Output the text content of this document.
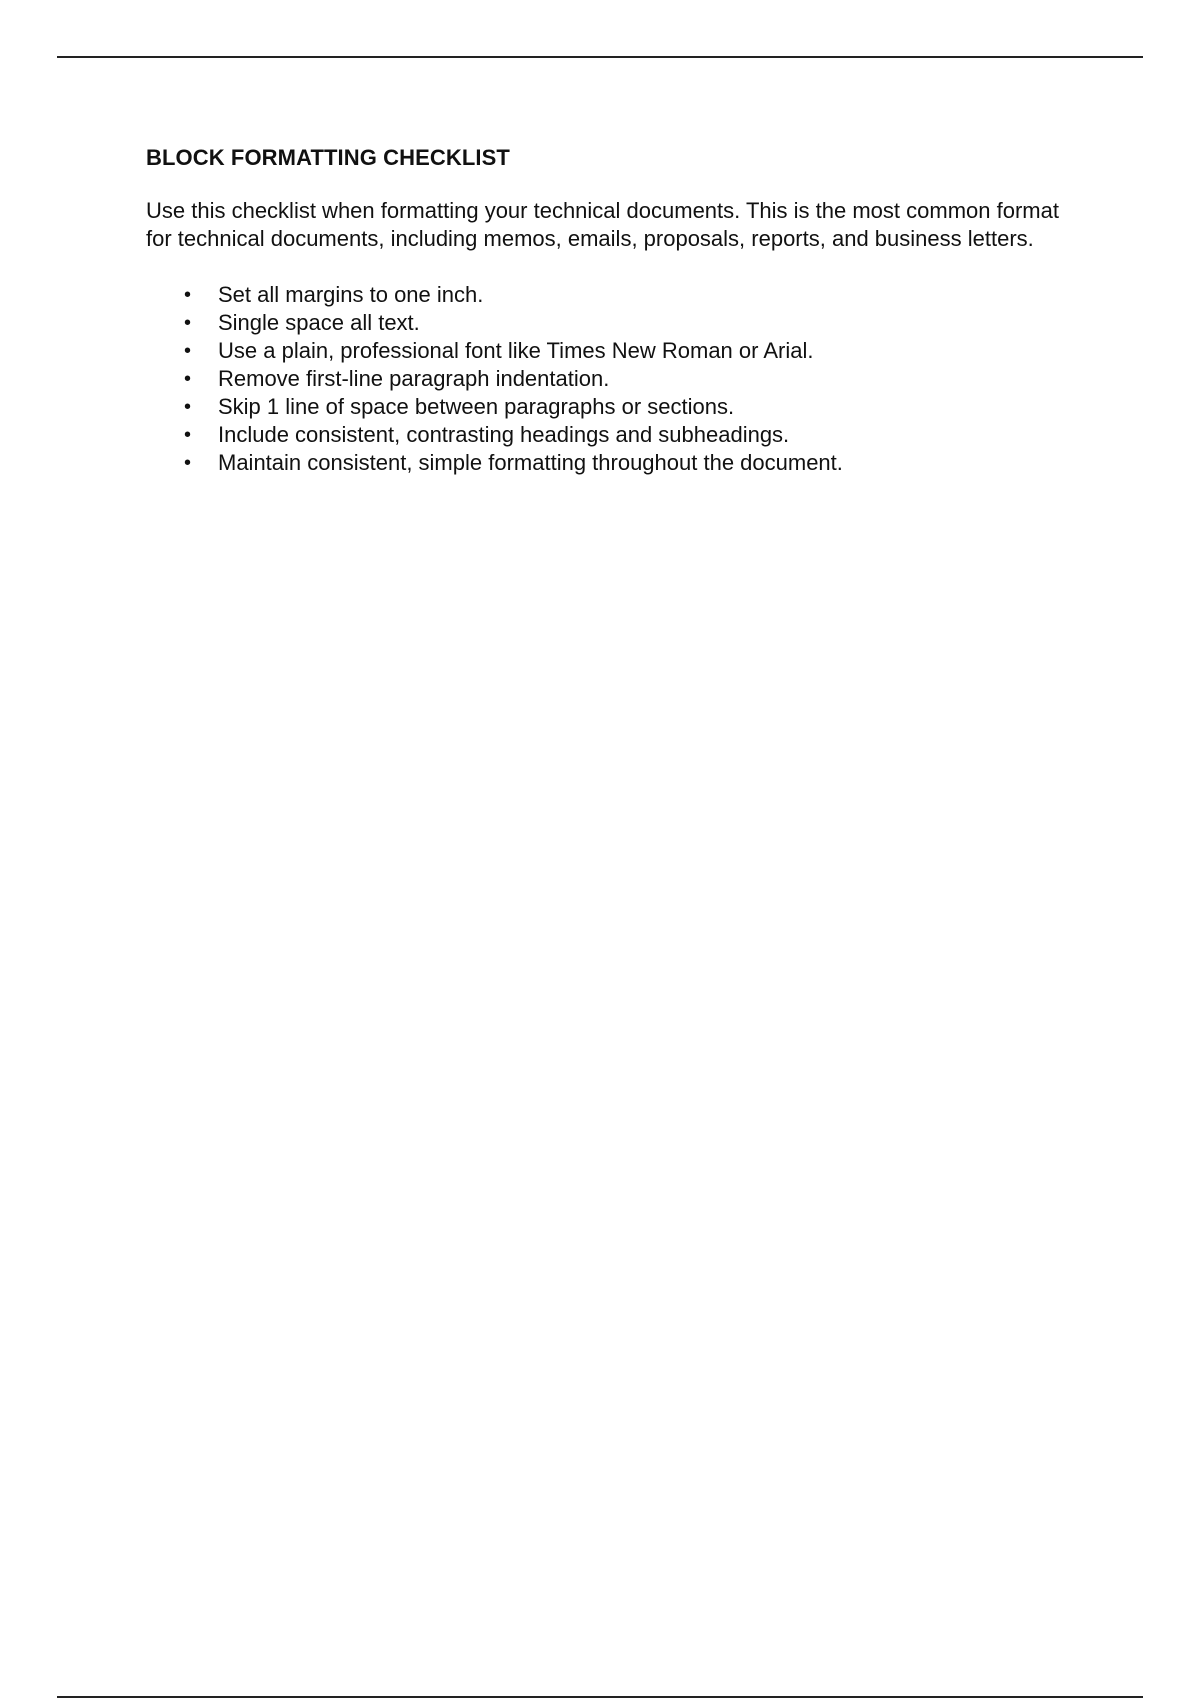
BLOCK FORMATTING CHECKLIST

Use this checklist when formatting your technical documents. This is the most common format for technical documents, including memos, emails, proposals, reports, and business letters.

• Set all margins to one inch.
• Single space all text.
• Use a plain, professional font like Times New Roman or Arial.
• Remove first-line paragraph indentation.
• Skip 1 line of space between paragraphs or sections.
• Include consistent, contrasting headings and subheadings.
• Maintain consistent, simple formatting throughout the document.
